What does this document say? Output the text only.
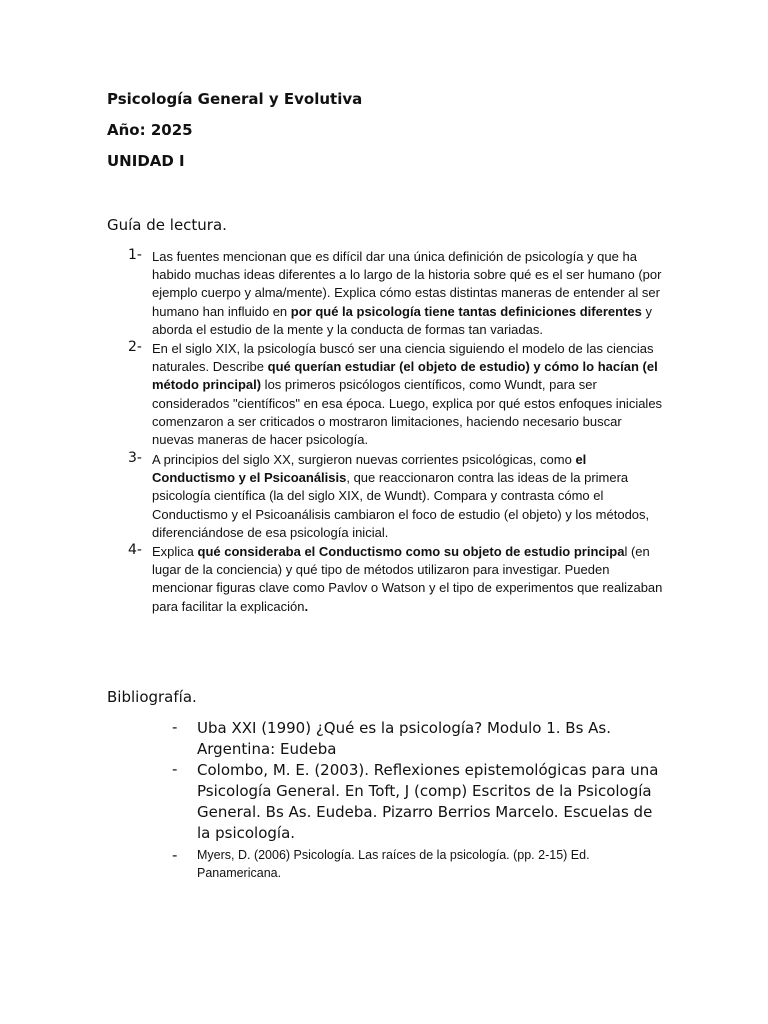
Psicología General y Evolutiva
Año: 2025
UNIDAD I
Guía de lectura.
1- Las fuentes mencionan que es difícil dar una única definición de psicología y que ha habido muchas ideas diferentes a lo largo de la historia sobre qué es el ser humano (por ejemplo cuerpo y alma/mente). Explica cómo estas distintas maneras de entender al ser humano han influido en por qué la psicología tiene tantas definiciones diferentes y aborda el estudio de la mente y la conducta de formas tan variadas.
2- En el siglo XIX, la psicología buscó ser una ciencia siguiendo el modelo de las ciencias naturales. Describe qué querían estudiar (el objeto de estudio) y cómo lo hacían (el método principal) los primeros psicólogos científicos, como Wundt, para ser considerados "científicos" en esa época. Luego, explica por qué estos enfoques iniciales comenzaron a ser criticados o mostraron limitaciones, haciendo necesario buscar nuevas maneras de hacer psicología.
3- A principios del siglo XX, surgieron nuevas corrientes psicológicas, como el Conductismo y el Psicoanálisis, que reaccionaron contra las ideas de la primera psicología científica (la del siglo XIX, de Wundt). Compara y contrasta cómo el Conductismo y el Psicoanálisis cambiaron el foco de estudio (el objeto) y los métodos, diferenciándose de esa psicología inicial.
4- Explica qué consideraba el Conductismo como su objeto de estudio principal (en lugar de la conciencia) y qué tipo de métodos utilizaron para investigar. Pueden mencionar figuras clave como Pavlov o Watson y el tipo de experimentos que realizaban para facilitar la explicación.
Bibliografía.
- Uba XXI (1990) ¿Qué es la psicología? Modulo 1. Bs As. Argentina: Eudeba
- Colombo, M. E. (2003). Reflexiones epistemológicas para una Psicología General. En Toft, J (comp) Escritos de la Psicología General. Bs As. Eudeba. Pizarro Berrios Marcelo. Escuelas de la psicología.
- Myers, D. (2006) Psicología. Las raíces de la psicología. (pp. 2-15) Ed. Panamericana.
